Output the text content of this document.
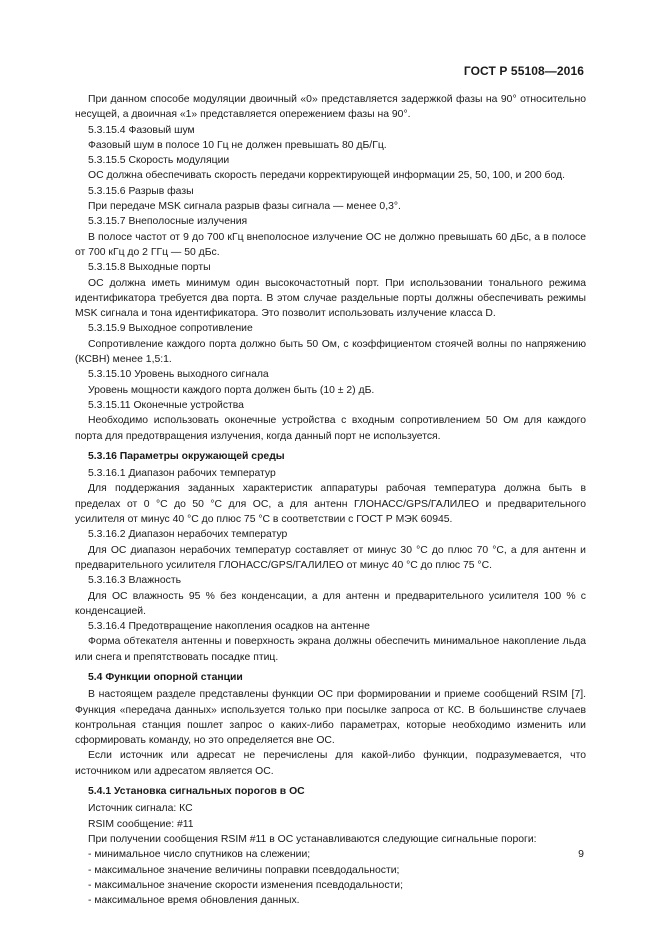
ГОСТ Р 55108—2016

При данном способе модуляции двоичный «0» представляется задержкой фазы на 90° относительно несущей, а двоичная «1» представляется опережением фазы на 90°.

5.3.15.4 Фазовый шум

Фазовый шум в полосе 10 Гц не должен превышать 80 дБ/Гц.

5.3.15.5 Скорость модуляции

ОС должна обеспечивать скорость передачи корректирующей информации 25, 50, 100, и 200 бод.

5.3.15.6 Разрыв фазы

При передаче MSK сигнала разрыв фазы сигнала — менее 0,3°.

5.3.15.7 Внеполосные излучения

В полосе частот от 9 до 700 кГц внеполосное излучение ОС не должно превышать 60 дБс, а в полосе от 700 кГц до 2 ГГц — 50 дБс.

5.3.15.8 Выходные порты

ОС должна иметь минимум один высокочастотный порт. При использовании тонального режима идентификатора требуется два порта. В этом случае раздельные порты должны обеспечивать режимы MSK сигнала и тона идентификатора. Это позволит использовать излучение класса D.

5.3.15.9 Выходное сопротивление

Сопротивление каждого порта должно быть 50 Ом, с коэффициентом стоячей волны по напряжению (КСВН) менее 1,5:1.

5.3.15.10 Уровень выходного сигнала

Уровень мощности каждого порта должен быть (10 ± 2) дБ.

5.3.15.11 Оконечные устройства

Необходимо использовать оконечные устройства с входным сопротивлением 50 Ом для каждого порта для предотвращения излучения, когда данный порт не используется.

5.3.16 Параметры окружающей среды

5.3.16.1 Диапазон рабочих температур

Для поддержания заданных характеристик аппаратуры рабочая температура должна быть в пределах от 0 °С до 50 °С для ОС, а для антенн ГЛОНАСС/GPS/ГАЛИЛЕО и предварительного усилителя от минус 40 °С до плюс 75 °С в соответствии с ГОСТ Р МЭК 60945.

5.3.16.2 Диапазон нерабочих температур

Для ОС диапазон нерабочих температур составляет от минус 30 °С до плюс 70 °С, а для антенн и предварительного усилителя ГЛОНАСС/GPS/ГАЛИЛЕО от минус 40 °С до плюс 75 °С.

5.3.16.3 Влажность

Для ОС влажность 95 % без конденсации, а для антенн и предварительного усилителя 100 % с конденсацией.

5.3.16.4 Предотвращение накопления осадков на антенне

Форма обтекателя антенны и поверхность экрана должны обеспечить минимальное накопление льда или снега и препятствовать посадке птиц.

5.4 Функции опорной станции

В настоящем разделе представлены функции ОС при формировании и приеме сообщений RSIM [7]. Функция «передача данных» используется только при посылке запроса от КС. В большинстве случаев контрольная станция пошлет запрос о каких-либо параметрах, которые необходимо изменить или сформировать команду, но это определяется вне ОС.

Если источник или адресат не перечислены для какой-либо функции, подразумевается, что источником или адресатом является ОС.

5.4.1 Установка сигнальных порогов в ОС

Источник сигнала: КС

RSIM сообщение: #11

При получении сообщения RSIM #11 в ОС устанавливаются следующие сигнальные пороги:

- минимальное число спутников на слежении;

- максимальное значение величины поправки псевдодальности;

- максимальное значение скорости изменения псевдодальности;

- максимальное время обновления данных.

9
